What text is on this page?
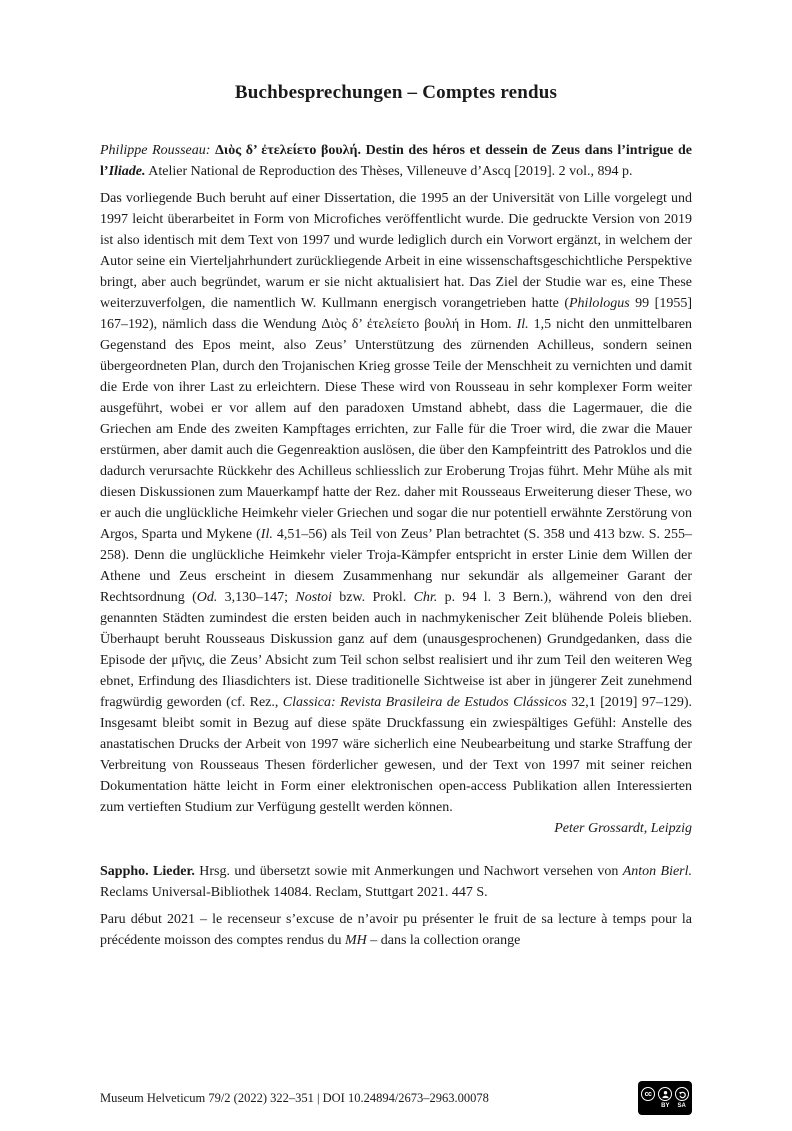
Buchbesprechungen – Comptes rendus

Philippe Rousseau: Διὸς δ’ ἐτελείετο βουλή. Destin des héros et dessein de Zeus dans l’intrigue de l’Iliade. Atelier National de Reproduction des Thèses, Villeneuve d’Ascq [2019]. 2 vol., 894 p.

Das vorliegende Buch beruht auf einer Dissertation, die 1995 an der Universität von Lille vorgelegt und 1997 leicht überarbeitet in Form von Microfiches veröffentlicht wurde. Die gedruckte Version von 2019 ist also identisch mit dem Text von 1997 und wurde lediglich durch ein Vorwort ergänzt, in welchem der Autor seine ein Vierteljahrhundert zurückliegende Arbeit in eine wissenschaftsgeschichtliche Perspektive bringt, aber auch begründet, warum er sie nicht aktualisiert hat. Das Ziel der Studie war es, eine These weiterzuverfolgen, die namentlich W. Kullmann energisch vorangetrieben hatte (Philologus 99 [1955] 167–192), nämlich dass die Wendung Διὸς δ’ ἐτελείετο βουλή in Hom. Il. 1,5 nicht den unmittelbaren Gegenstand des Epos meint, also Zeus’ Unterstützung des zürnenden Achilleus, sondern seinen übergeordneten Plan, durch den Trojanischen Krieg grosse Teile der Menschheit zu vernichten und damit die Erde von ihrer Last zu erleichtern. Diese These wird von Rousseau in sehr komplexer Form weiter ausgeführt, wobei er vor allem auf den paradoxen Umstand abhebt, dass die Lagermauer, die die Griechen am Ende des zweiten Kampftages errichten, zur Falle für die Troer wird, die zwar die Mauer erstürmen, aber damit auch die Gegenreaktion auslösen, die über den Kampfeintritt des Patroklos und die dadurch verursachte Rückkehr des Achilleus schliesslich zur Eroberung Trojas führt. Mehr Mühe als mit diesen Diskussionen zum Mauerkampf hatte der Rez. daher mit Rousseaus Erweiterung dieser These, wo er auch die unglückliche Heimkehr vieler Griechen und sogar die nur potentiell erwähnte Zerstörung von Argos, Sparta und Mykene (Il. 4,51–56) als Teil von Zeus’ Plan betrachtet (S. 358 und 413 bzw. S. 255–258). Denn die unglückliche Heimkehr vieler Troja-Kämpfer entspricht in erster Linie dem Willen der Athene und Zeus erscheint in diesem Zusammenhang nur sekundär als allgemeiner Garant der Rechtsordnung (Od. 3,130–147; Nostoi bzw. Prokl. Chr. p. 94 l. 3 Bern.), während von den drei genannten Städten zumindest die ersten beiden auch in nachmykenischer Zeit blühende Poleis blieben. Überhaupt beruht Rousseaus Diskussion ganz auf dem (unausgesprochenen) Grundgedanken, dass die Episode der μῆνις, die Zeus’ Absicht zum Teil schon selbst realisiert und ihr zum Teil den weiteren Weg ebnet, Erfindung des Iliasdichters ist. Diese traditionelle Sichtweise ist aber in jüngerer Zeit zunehmend fragwürdig geworden (cf. Rez., Classica: Revista Brasileira de Estudos Clássicos 32,1 [2019] 97–129). Insgesamt bleibt somit in Bezug auf diese späte Druckfassung ein zwiespältiges Gefühl: Anstelle des anastatischen Drucks der Arbeit von 1997 wäre sicherlich eine Neubearbeitung und starke Straffung der Verbreitung von Rousseaus Thesen förderlicher gewesen, und der Text von 1997 mit seiner reichen Dokumentation hätte leicht in Form einer elektronischen open-access Publikation allen Interessierten zum vertieften Studium zur Verfügung gestellt werden können.

Peter Grossardt, Leipzig

Sappho. Lieder. Hrsg. und übersetzt sowie mit Anmerkungen und Nachwort versehen von Anton Bierl. Reclams Universal-Bibliothek 14084. Reclam, Stuttgart 2021. 447 S.

Paru début 2021 – le recenseur s’excuse de n’avoir pu présenter le fruit de sa lecture à temps pour la précédente moisson des comptes rendus du MH – dans la collection orange

Museum Helveticum 79/2 (2022) 322–351 | DOI 10.24894/2673–2963.00078	cc
BY SA
